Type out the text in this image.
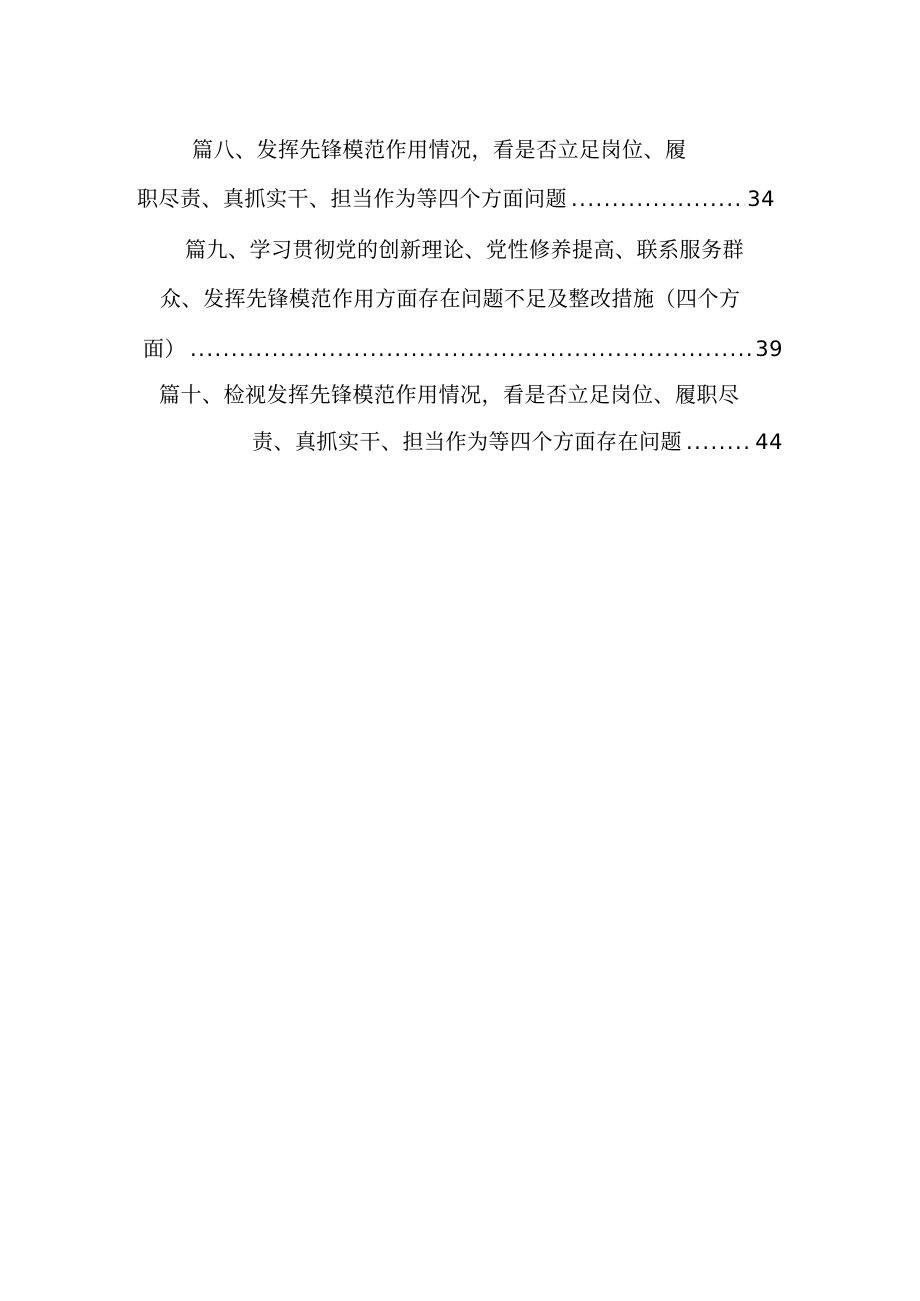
篇八、发挥先锋模范作用情况，看是否立足岗位、履
职尽责、真抓实干、担当作为等四个方面问题 .....	34
篇九、学习贯彻党的创新理论、党性修养提高、联系服务群
众、发挥先锋模范作用方面存在问题不足及整改措施（四个方
面） .....	39
篇十、检视发挥先锋模范作用情况，看是否立足岗位、履职尽
责、真抓实干、担当作为等四个方面存在问题 .....	44
